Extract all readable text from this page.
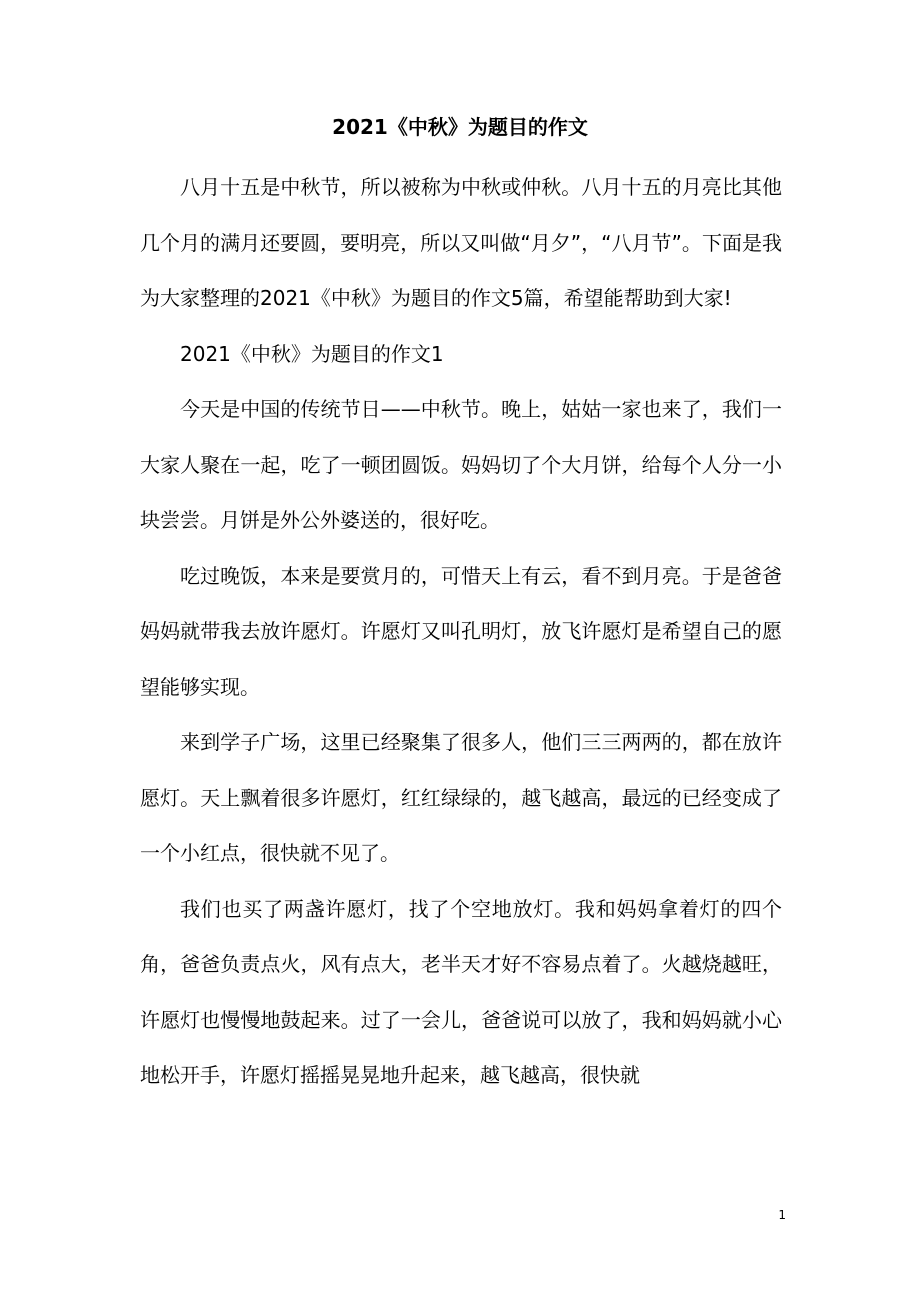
2021《中秋》为题目的作文

八月十五是中秋节，所以被称为中秋或仲秋。八月十五的月亮比其他几个月的满月还要圆，要明亮，所以又叫做“月夕”，“八月节”。下面是我为大家整理的2021《中秋》为题目的作文5篇，希望能帮助到大家!

2021《中秋》为题目的作文1

今天是中国的传统节日——中秋节。晚上，姑姑一家也来了，我们一大家人聚在一起，吃了一顿团圆饭。妈妈切了个大月饼，给每个人分一小块尝尝。月饼是外公外婆送的，很好吃。

吃过晚饭，本来是要赏月的，可惜天上有云，看不到月亮。于是爸爸妈妈就带我去放许愿灯。许愿灯又叫孔明灯，放飞许愿灯是希望自己的愿望能够实现。

来到学子广场，这里已经聚集了很多人，他们三三两两的，都在放许愿灯。天上飘着很多许愿灯，红红绿绿的，越飞越高，最远的已经变成了一个小红点，很快就不见了。

我们也买了两盏许愿灯，找了个空地放灯。我和妈妈拿着灯的四个角，爸爸负责点火，风有点大，老半天才好不容易点着了。火越烧越旺，许愿灯也慢慢地鼓起来。过了一会儿，爸爸说可以放了，我和妈妈就小心地松开手，许愿灯摇摇晃晃地升起来，越飞越高，很快就

1
